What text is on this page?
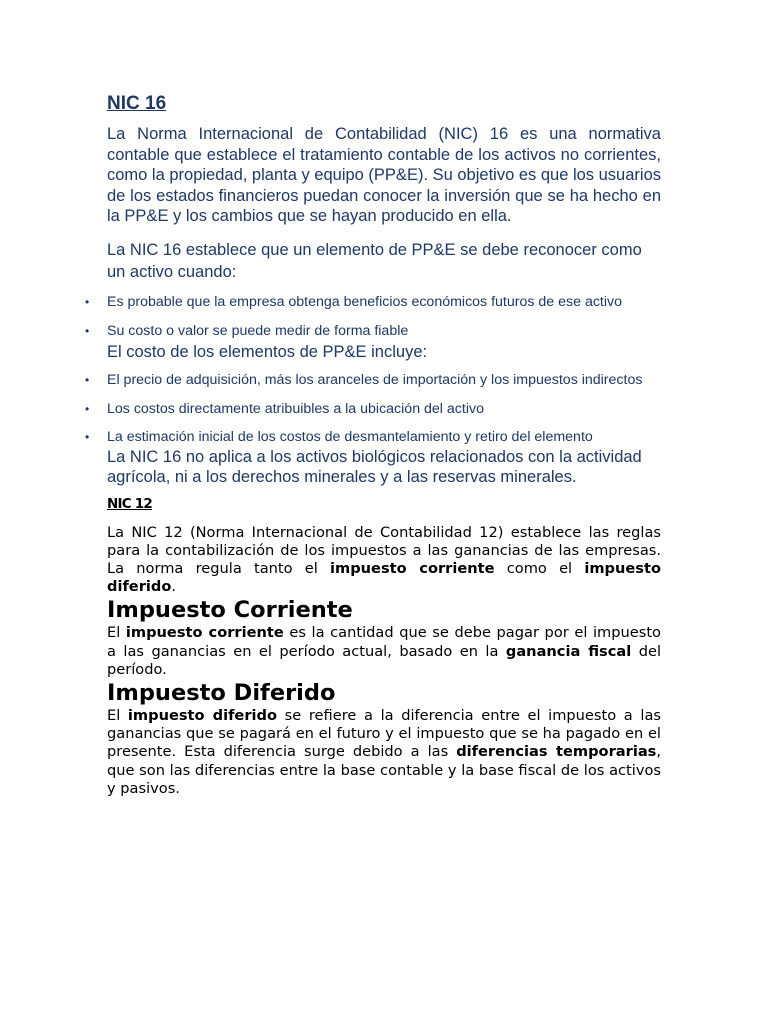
NIC 16

La Norma Internacional de Contabilidad (NIC) 16 es una normativa contable que establece el tratamiento contable de los activos no corrientes, como la propiedad, planta y equipo (PP&E). Su objetivo es que los usuarios de los estados financieros puedan conocer la inversión que se ha hecho en la PP&E y los cambios que se hayan producido en ella.

La NIC 16 establece que un elemento de PP&E se debe reconocer como un activo cuando:

• Es probable que la empresa obtenga beneficios económicos futuros de ese activo
• Su costo o valor se puede medir de forma fiable

El costo de los elementos de PP&E incluye:

• El precio de adquisición, más los aranceles de importación y los impuestos indirectos
• Los costos directamente atribuibles a la ubicación del activo
• La estimación inicial de los costos de desmantelamiento y retiro del elemento

La NIC 16 no aplica a los activos biológicos relacionados con la actividad agrícola, ni a los derechos minerales y a las reservas minerales.

NIC 12

La NIC 12 (Norma Internacional de Contabilidad 12) establece las reglas para la contabilización de los impuestos a las ganancias de las empresas. La norma regula tanto el impuesto corriente como el impuesto diferido.

Impuesto Corriente

El impuesto corriente es la cantidad que se debe pagar por el impuesto a las ganancias en el período actual, basado en la ganancia fiscal del período.

Impuesto Diferido

El impuesto diferido se refiere a la diferencia entre el impuesto a las ganancias que se pagará en el futuro y el impuesto que se ha pagado en el presente. Esta diferencia surge debido a las diferencias temporarias, que son las diferencias entre la base contable y la base fiscal de los activos y pasivos.
